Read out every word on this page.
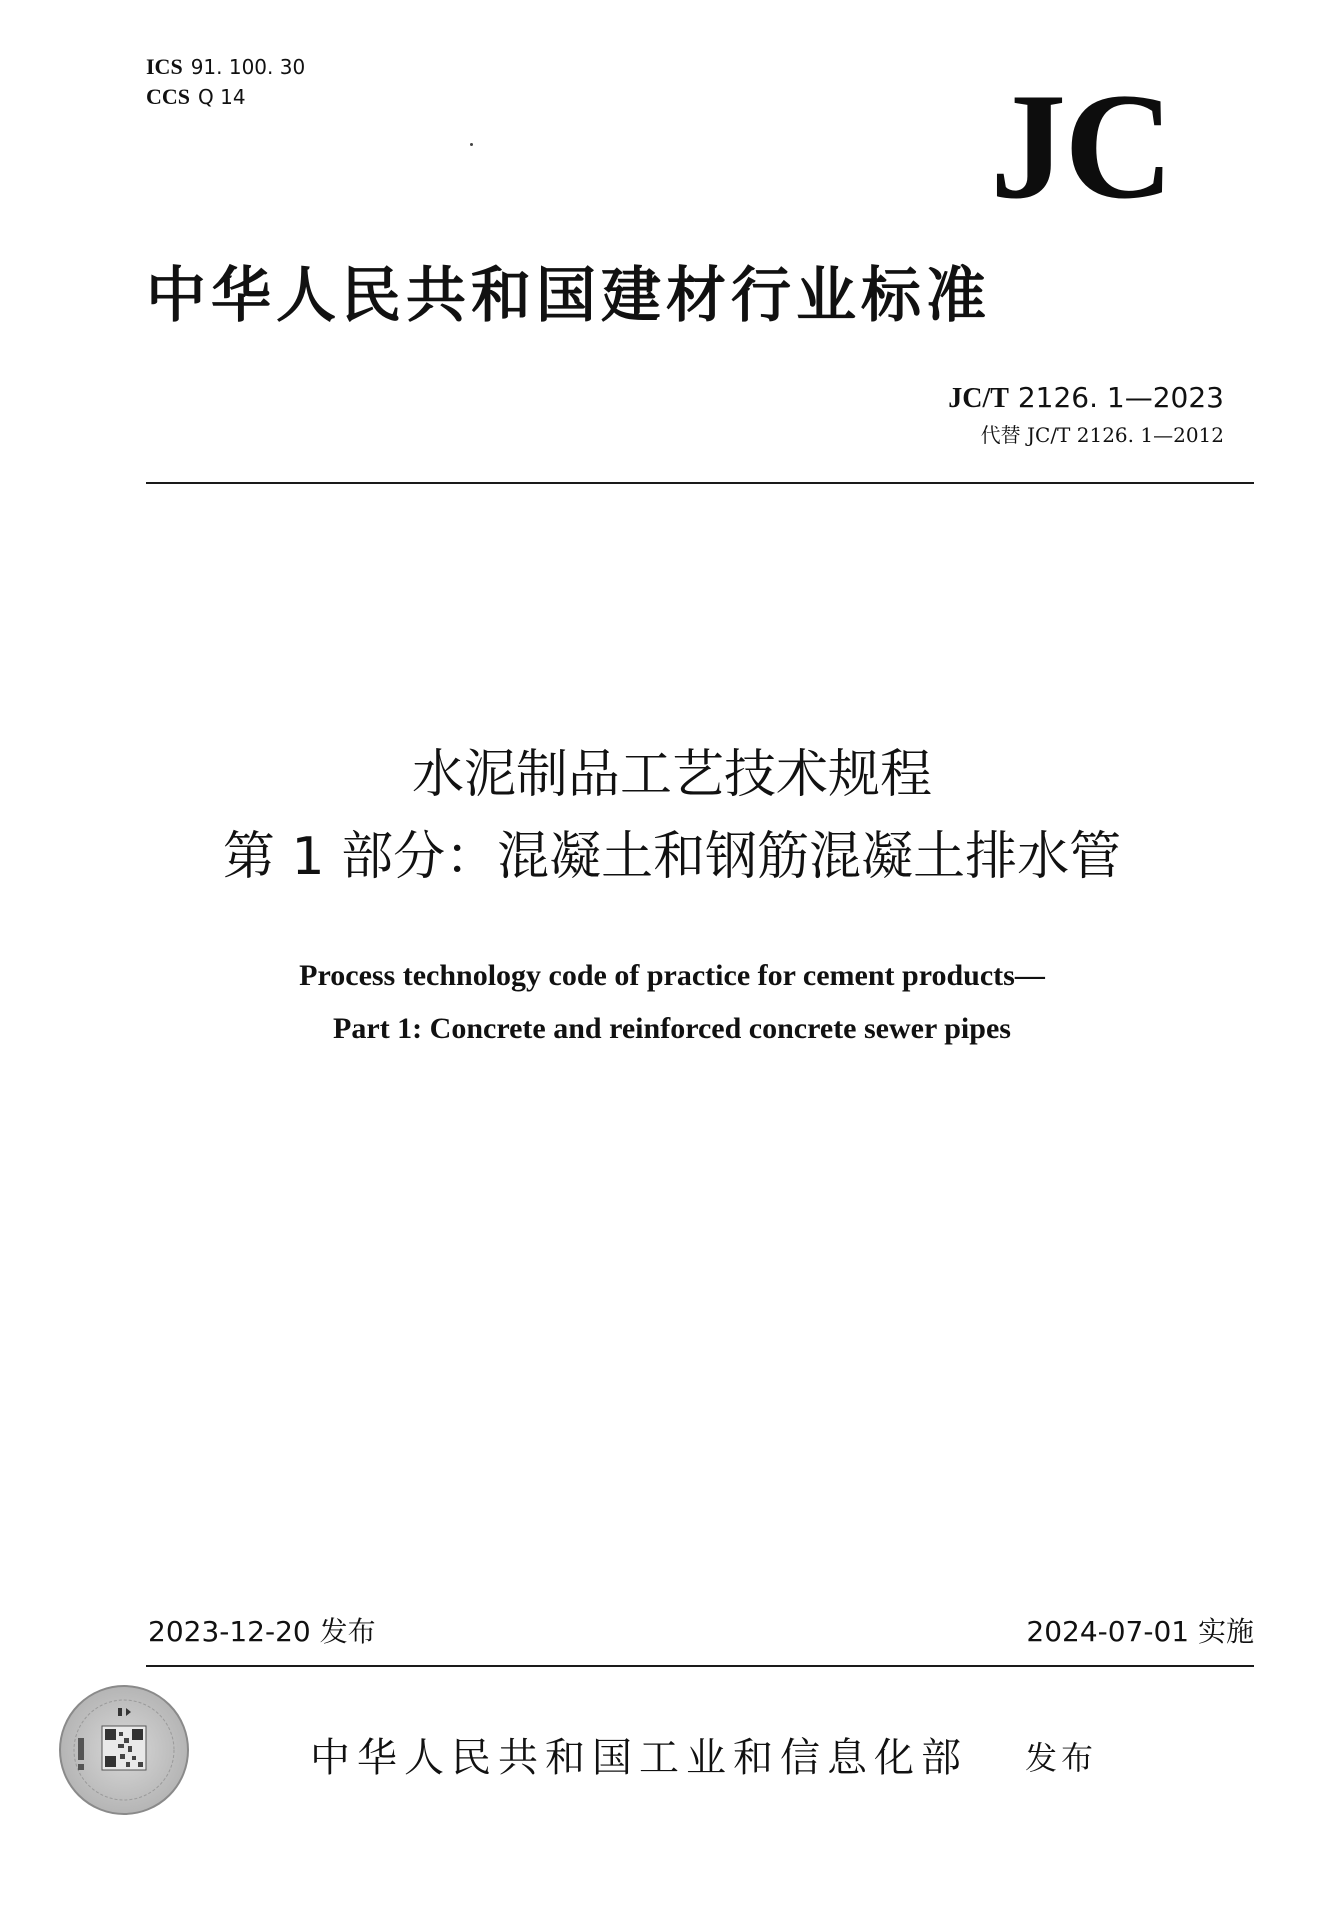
ICS 91. 100. 30
CCS Q 14	JC
中华人民共和国建材行业标准
JC/T 2126. 1—2023
代替 JC/T 2126. 1—2012
水泥制品工艺技术规程
第 1 部分：混凝土和钢筋混凝土排水管
Process technology code of practice for cement products—
Part 1: Concrete and reinforced concrete sewer pipes
2023-12-20 发布	2024-07-01 实施
中华人民共和国工业和信息化部 发布
